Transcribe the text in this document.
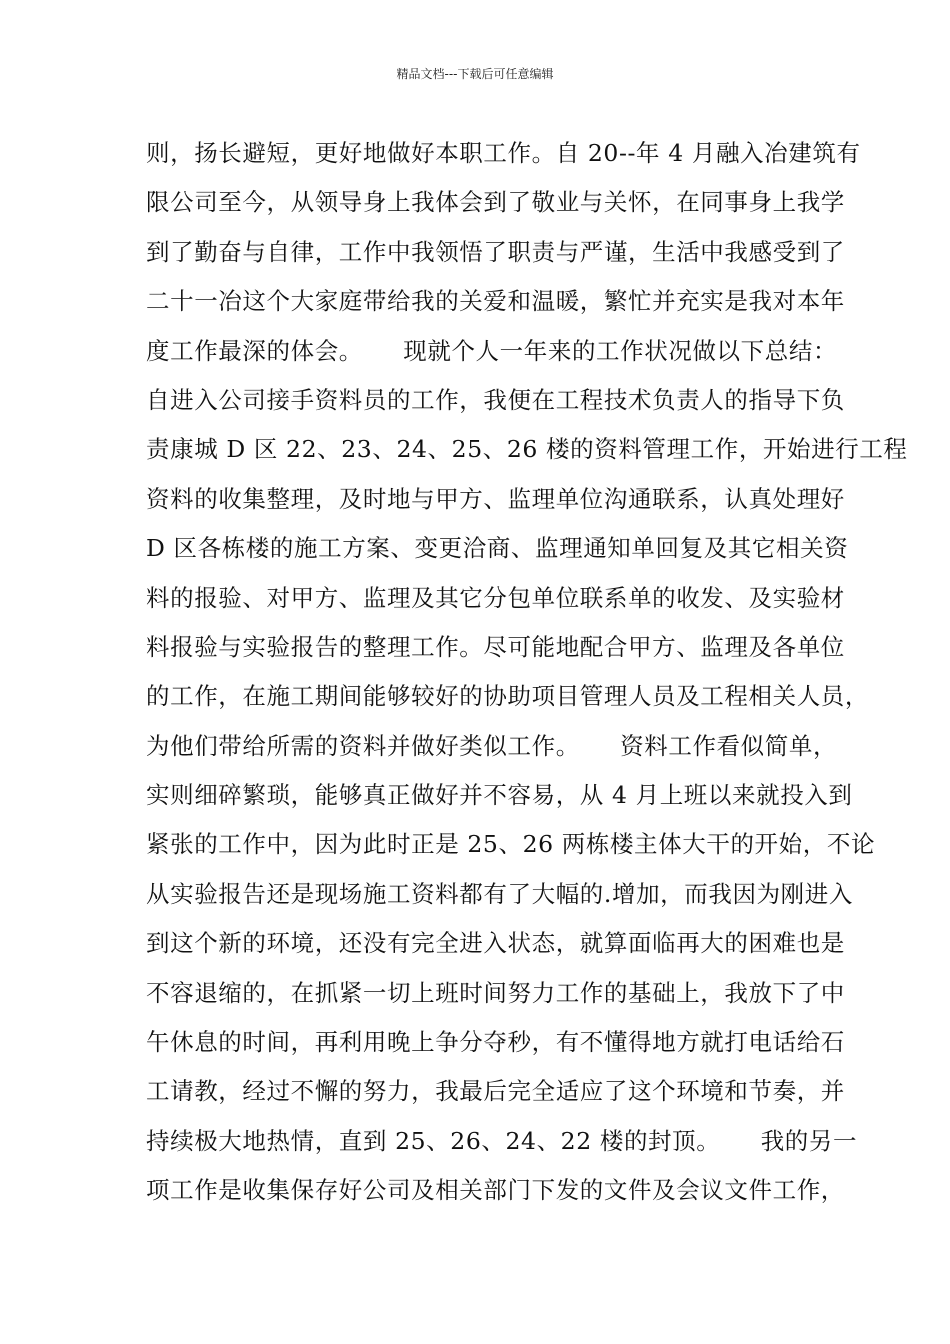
精品文档---下载后可任意编辑
则，扬长避短，更好地做好本职工作。自 20--年 4 月融入冶建筑有
限公司至今，从领导身上我体会到了敬业与关怀，在同事身上我学
到了勤奋与自律，工作中我领悟了职责与严谨，生活中我感受到了
二十一冶这个大家庭带给我的关爱和温暖，繁忙并充实是我对本年
度工作最深的体会。     现就个人一年来的工作状况做以下总结：
自进入公司接手资料员的工作，我便在工程技术负责人的指导下负
责康城 D 区 22、23、24、25、26 楼的资料管理工作，开始进行工程
资料的收集整理，及时地与甲方、监理单位沟通联系，认真处理好
D 区各栋楼的施工方案、变更洽商、监理通知单回复及其它相关资
料的报验、对甲方、监理及其它分包单位联系单的收发、及实验材
料报验与实验报告的整理工作。尽可能地配合甲方、监理及各单位
的工作，在施工期间能够较好的协助项目管理人员及工程相关人员，
为他们带给所需的资料并做好类似工作。     资料工作看似简单，
实则细碎繁琐，能够真正做好并不容易，从 4 月上班以来就投入到
紧张的工作中，因为此时正是 25、26 两栋楼主体大干的开始，不论
从实验报告还是现场施工资料都有了大幅的.增加，而我因为刚进入
到这个新的环境，还没有完全进入状态，就算面临再大的困难也是
不容退缩的，在抓紧一切上班时间努力工作的基础上，我放下了中
午休息的时间，再利用晚上争分夺秒，有不懂得地方就打电话给石
工请教，经过不懈的努力，我最后完全适应了这个环境和节奏，并
持续极大地热情，直到 25、26、24、22 楼的封顶。     我的另一
项工作是收集保存好公司及相关部门下发的文件及会议文件工作，
